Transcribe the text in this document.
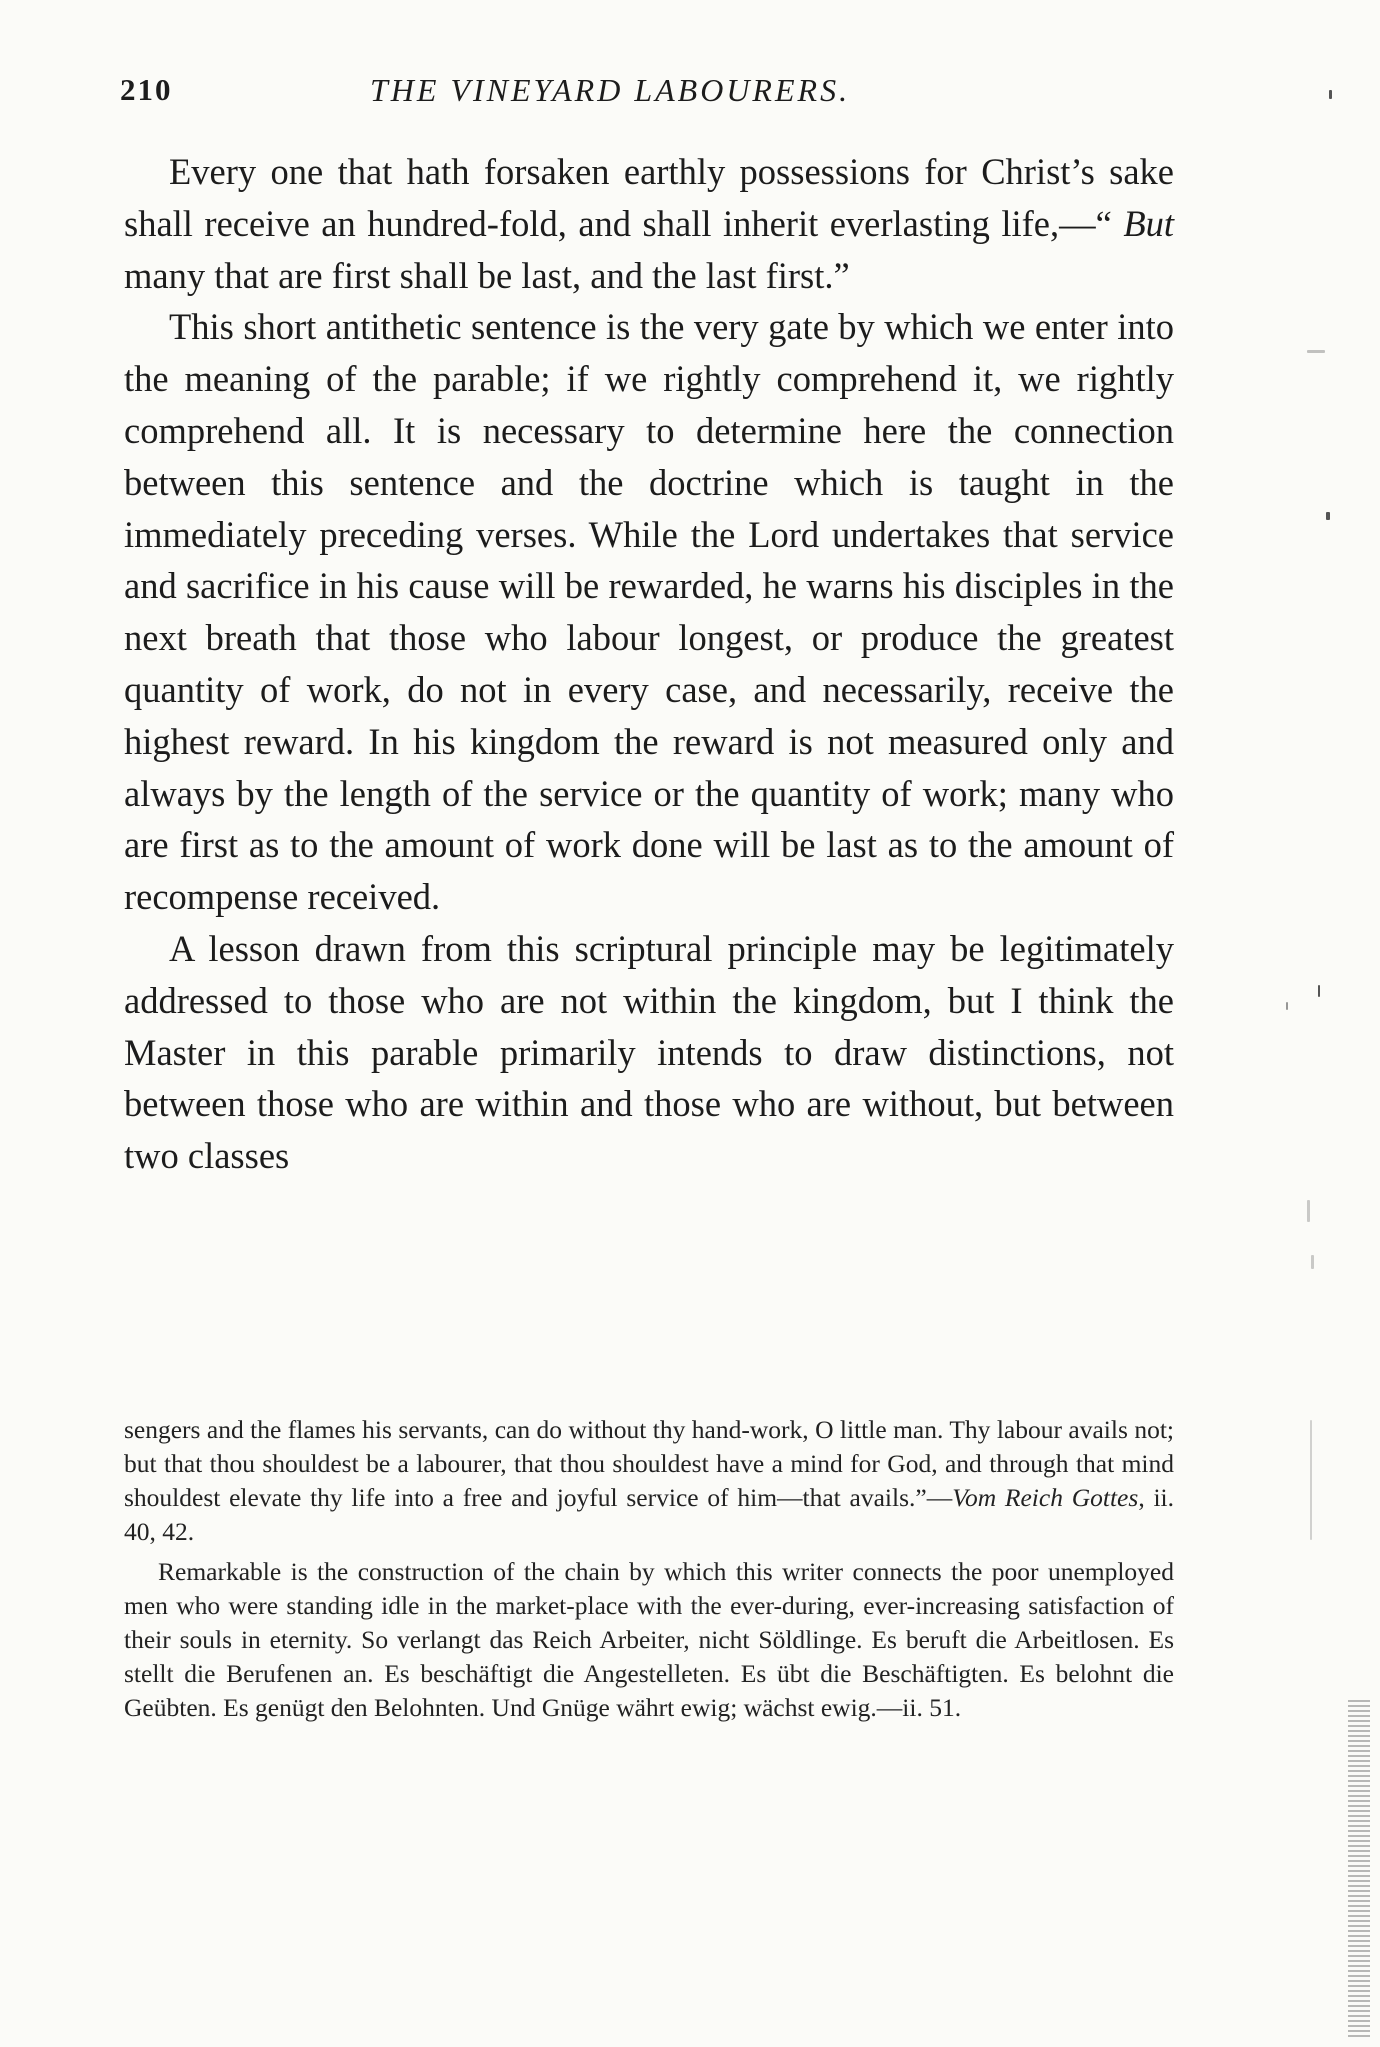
210	THE VINEYARD LABOURERS.

Every one that hath forsaken earthly possessions for Christ’s sake shall receive an hundred-fold, and shall inherit everlasting life,—“ But many that are first shall be last, and the last first.”

This short antithetic sentence is the very gate by which we enter into the meaning of the parable; if we rightly comprehend it, we rightly comprehend all. It is necessary to determine here the connection between this sentence and the doctrine which is taught in the immediately preceding verses. While the Lord undertakes that service and sacrifice in his cause will be rewarded, he warns his disciples in the next breath that those who labour longest, or produce the greatest quantity of work, do not in every case, and necessarily, receive the highest reward. In his kingdom the reward is not measured only and always by the length of the service or the quantity of work; many who are first as to the amount of work done will be last as to the amount of recompense received.

A lesson drawn from this scriptural principle may be legitimately addressed to those who are not within the kingdom, but I think the Master in this parable primarily intends to draw distinctions, not between those who are within and those who are without, but between two classes

sengers and the flames his servants, can do without thy hand-work, O little man. Thy labour avails not; but that thou shouldest be a labourer, that thou shouldest have a mind for God, and through that mind shouldest elevate thy life into a free and joyful service of him—that avails.”—Vom Reich Gottes, ii. 40, 42.

Remarkable is the construction of the chain by which this writer connects the poor unemployed men who were standing idle in the market-place with the ever-during, ever-increasing satisfaction of their souls in eternity. So verlangt das Reich Arbeiter, nicht Söldlinge. Es beruft die Arbeitlosen. Es stellt die Berufenen an. Es beschäftigt die Angestelleten. Es übt die Beschäftigten. Es belohnt die Geübten. Es genügt den Belohnten. Und Gnüge währt ewig; wächst ewig.—ii. 51.
